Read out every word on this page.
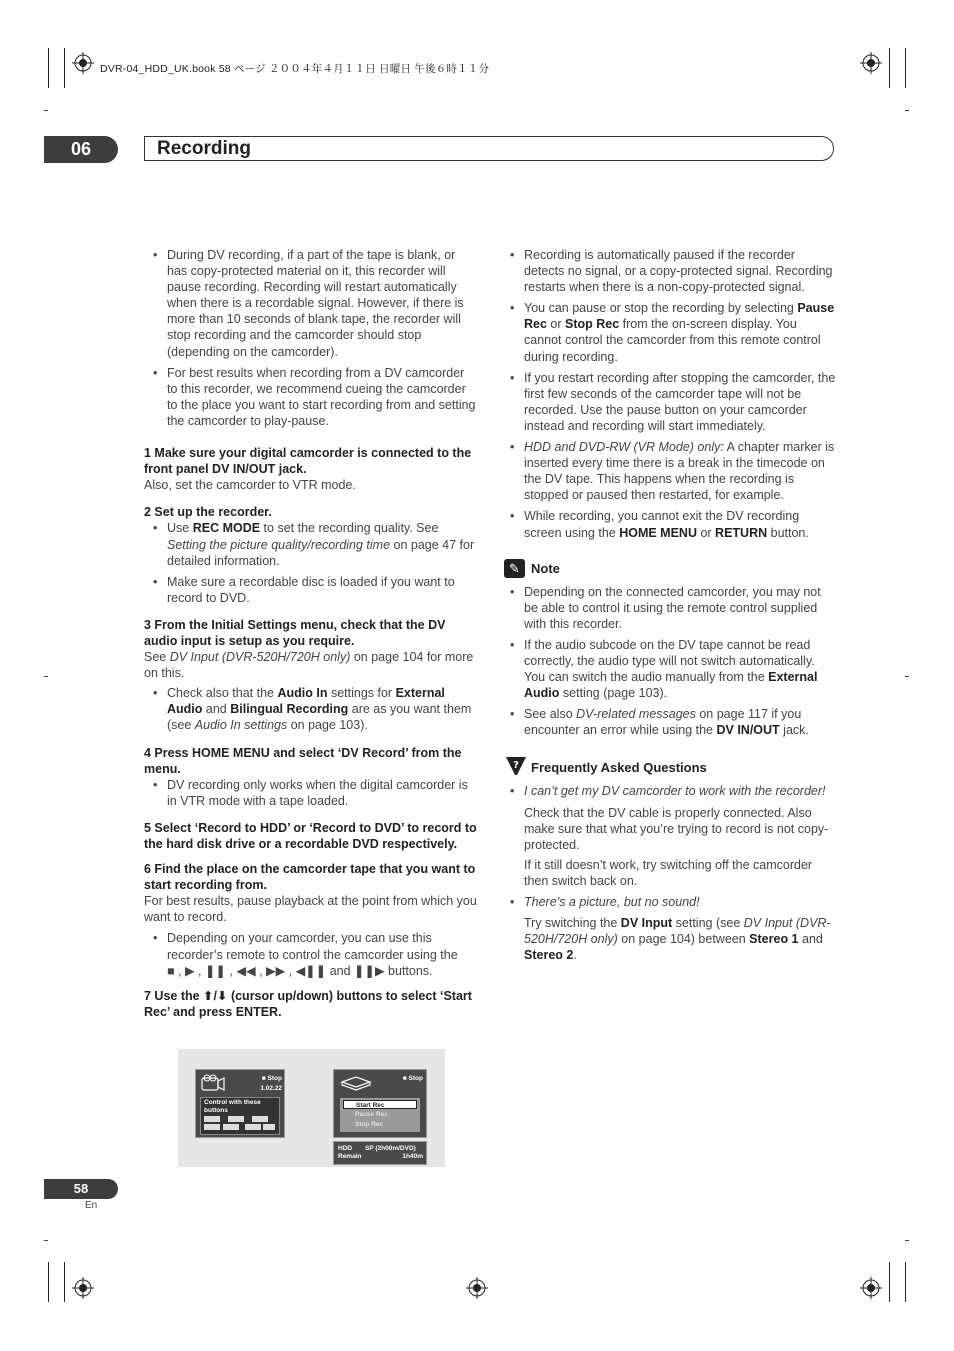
DVR-04_HDD_UK.book 58 ページ ２００４年４月１１日 日曜日 午後６時１１分
06	Recording
• During DV recording, if a part of the tape is blank, or has copy-protected material on it, this recorder will pause recording. Recording will restart automatically when there is a recordable signal. However, if there is more than 10 seconds of blank tape, the recorder will stop recording and the camcorder should stop (depending on the camcorder).
• For best results when recording from a DV camcorder to this recorder, we recommend cueing the camcorder to the place you want to start recording from and setting the camcorder to play-pause.

1 Make sure your digital camcorder is connected to the front panel DV IN/OUT jack.

Also, set the camcorder to VTR mode.

2 Set up the recorder.

• Use REC MODE to set the recording quality. See Setting the picture quality/recording time on page 47 for detailed information.
• Make sure a recordable disc is loaded if you want to record to DVD.

3 From the Initial Settings menu, check that the DV audio input is setup as you require.

See DV Input (DVR-520H/720H only) on page 104 for more on this.

• Check also that the Audio In settings for External Audio and Bilingual Recording are as you want them (see Audio In settings on page 103).

4 Press HOME MENU and select ‘DV Record’ from the menu.

• DV recording only works when the digital camcorder is in VTR mode with a tape loaded.

5 Select ‘Record to HDD’ or ‘Record to DVD’ to record to the hard disk drive or a recordable DVD respectively.

6 Find the place on the camcorder tape that you want to start recording from.

For best results, pause playback at the point from which you want to record.

• Depending on your camcorder, you can use this recorder’s remote to control the camcorder using the
■ , ▶ , ❚❚ , ◀◀ , ▶▶ , ◀❚❚ and ❚❚▶ buttons.

7 Use the ⬆/⬇ (cursor up/down) buttons to select ‘Start Rec’ and press ENTER.

• Recording is automatically paused if the recorder detects no signal, or a copy-protected signal. Recording restarts when there is a non-copy-protected signal.
• You can pause or stop the recording by selecting Pause Rec or Stop Rec from the on-screen display. You cannot control the camcorder from this remote control during recording.
• If you restart recording after stopping the camcorder, the first few seconds of the camcorder tape will not be recorded. Use the pause button on your camcorder instead and recording will start immediately.
• HDD and DVD-RW (VR Mode) only: A chapter marker is inserted every time there is a break in the timecode on the DV tape. This happens when the recording is stopped or paused then restarted, for example.
• While recording, you cannot exit the DV recording screen using the HOME MENU or RETURN button.
✎ Note
• Depending on the connected camcorder, you may not be able to control it using the remote control supplied with this recorder.
• If the audio subcode on the DV tape cannot be read correctly, the audio type will not switch automatically. You can switch the audio manually from the External Audio setting (page 103).
• See also DV-related messages on page 117 if you encounter an error while using the DV IN/OUT jack.
? Frequently Asked Questions
• I can’t get my DV camcorder to work with the recorder!

Check that the DV cable is properly connected. Also make sure that what you’re trying to record is not copy-protected.

If it still doesn’t work, try switching off the camcorder then switch back on.

• There’s a picture, but no sound!

Try switching the DV Input setting (see DV Input (DVR-520H/720H only) on page 104) between Stereo 1 and Stereo 2.

■ Stop
1.02.22
Control with these buttons
■ Stop
Start Rec
Pause Rec
Stop Rec
HDD SP (2h00m/DVD)
Remain	1h40m
58
En
